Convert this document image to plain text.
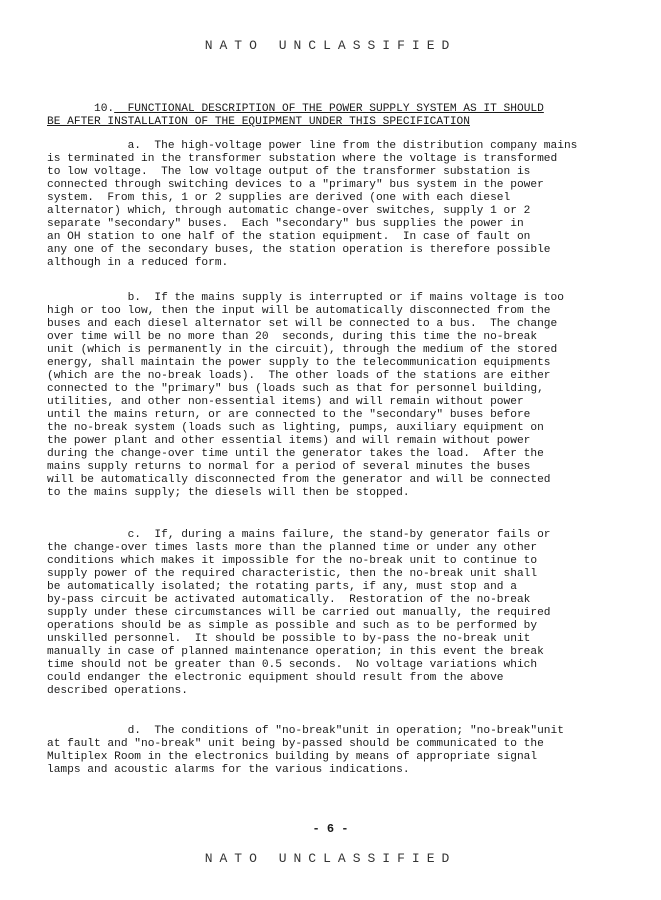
NATO UNCLASSIFIED
10. FUNCTIONAL DESCRIPTION OF THE POWER SUPPLY SYSTEM AS IT SHOULD
BE AFTER INSTALLATION OF THE EQUIPMENT UNDER THIS SPECIFICATION
a.  The high-voltage power line from the distribution company mains
is terminated in the transformer substation where the voltage is transformed
to low voltage.  The low voltage output of the transformer substation is
connected through switching devices to a "primary" bus system in the power
system.  From this, 1 or 2 supplies are derived (one with each diesel
alternator) which, through automatic change-over switches, supply 1 or 2
separate "secondary" buses.  Each "secondary" bus supplies the power in
an OH station to one half of the station equipment.  In case of fault on
any one of the secondary buses, the station operation is therefore possible
although in a reduced form.
b.  If the mains supply is interrupted or if mains voltage is too
high or too low, then the input will be automatically disconnected from the
buses and each diesel alternator set will be connected to a bus.  The change
over time will be no more than 20  seconds, during this time the no-break
unit (which is permanently in the circuit), through the medium of the stored
energy, shall maintain the power supply to the telecommunication equipments
(which are the no-break loads).  The other loads of the stations are either
connected to the "primary" bus (loads such as that for personnel building,
utilities, and other non-essential items) and will remain without power
until the mains return, or are connected to the "secondary" buses before
the no-break system (loads such as lighting, pumps, auxiliary equipment on
the power plant and other essential items) and will remain without power
during the change-over time until the generator takes the load.  After the
mains supply returns to normal for a period of several minutes the buses
will be automatically disconnected from the generator and will be connected
to the mains supply; the diesels will then be stopped.
c.  If, during a mains failure, the stand-by generator fails or
the change-over times lasts more than the planned time or under any other
conditions which makes it impossible for the no-break unit to continue to
supply power of the required characteristic, then the no-break unit shall
be automatically isolated; the rotating parts, if any, must stop and a
by-pass circuit be activated automatically.  Restoration of the no-break
supply under these circumstances will be carried out manually, the required
operations should be as simple as possible and such as to be performed by
unskilled personnel.  It should be possible to by-pass the no-break unit
manually in case of planned maintenance operation; in this event the break
time should not be greater than 0.5 seconds.  No voltage variations which
could endanger the electronic equipment should result from the above
described operations.
d.  The conditions of "no-break"unit in operation; "no-break"unit
at fault and "no-break" unit being by-passed should be communicated to the
Multiplex Room in the electronics building by means of appropriate signal
lamps and acoustic alarms for the various indications.
- 6 -
NATO UNCLASSIFIED
